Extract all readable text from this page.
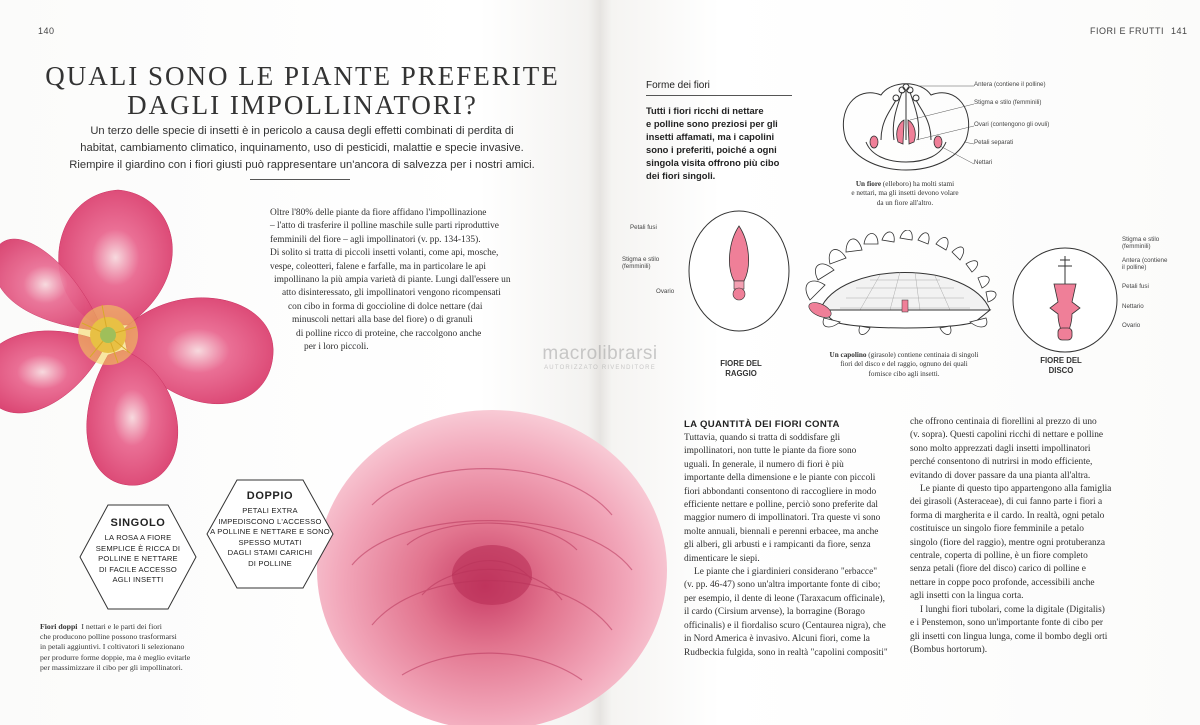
140
QUALI SONO LE PIANTE PREFERITE
DAGLI IMPOLLINATORI?
Un terzo delle specie di insetti è in pericolo a causa degli effetti combinati di perdita di
habitat, cambiamento climatico, inquinamento, uso di pesticidi, malattie e specie invasive.
Riempire il giardino con i fiori giusti può rappresentare un'ancora di salvezza per i nostri amici.
Oltre l'80% delle piante da fiore affidano l'impollinazione
– l'atto di trasferire il polline maschile sulle parti riproduttive
femminili del fiore – agli impollinatori (v. pp. 134-135).
Di solito si tratta di piccoli insetti volanti, come api, mosche,
vespe, coleotteri, falene e farfalle, ma in particolare le api
impollinano la più ampia varietà di piante. Lungi dall'essere un
atto disinteressato, gli impollinatori vengono ricompensati
con cibo in forma di goccioline di dolce nettare (dai
minuscoli nettari alla base del fiore) o di granuli
di polline ricco di proteine, che raccolgono anche
per i loro piccoli.
SINGOLO
LA ROSA A FIORE
SEMPLICE È RICCA DI
POLLINE E NETTARE
DI FACILE ACCESSO
AGLI INSETTI
DOPPIO
PETALI EXTRA
IMPEDISCONO L'ACCESSO
A POLLINE E NETTARE E SONO
SPESSO MUTATI
DAGLI STAMI CARICHI
DI POLLINE
Fiori doppi I nettari e le parti dei fiori
che producono polline possono trasformarsi
in petali aggiuntivi. I coltivatori li selezionano
per produrre forme doppie, ma è meglio evitarle
per massimizzare il cibo per gli impollinatori.
macrolibrarsi
AUTORIZZATO RIVENDITORE
FIORI E FRUTTI 141
Forme dei fiori
Tutti i fiori ricchi di nettare
e polline sono preziosi per gli
insetti affamati, ma i capolini
sono i preferiti, poiché a ogni
singola visita offrono più cibo
dei fiori singoli.
Antera (contiene il polline)
Stigma e stilo (femminili)
Ovari (contengono gli ovuli)
Petali separati
Nettari
Un fiore (elleboro) ha molti stami
e nettari, ma gli insetti devono volare
da un fiore all'altro.
Petali fusi
Stigma e stilo
(femminili)
Ovario
Un capolino (girasole) contiene centinaia di singoli
fiori del disco e del raggio, ognuno dei quali
fornisce cibo agli insetti.
Stigma e stilo
(femminili)
Antera (contiene
il polline)
Petali fusi
Nettario
Ovario
FIORE DEL
RAGGIO
FIORE DEL
DISCO
LA QUANTITÀ DEI FIORI CONTA
Tuttavia, quando si tratta di soddisfare gli
impollinatori, non tutte le piante da fiore sono
uguali. In generale, il numero di fiori è più
importante della dimensione e le piante con piccoli
fiori abbondanti consentono di raccogliere in modo
efficiente nettare e polline, perciò sono preferite dal
maggior numero di impollinatori. Tra queste vi sono
molte annuali, biennali e perenni erbacee, ma anche
gli alberi, gli arbusti e i rampicanti da fiore, senza
dimenticare le siepi.
Le piante che i giardinieri considerano "erbacce"
(v. pp. 46-47) sono un'altra importante fonte di cibo;
per esempio, il dente di leone (Taraxacum officinale),
il cardo (Cirsium arvense), la borragine (Borago
officinalis) e il fiordaliso scuro (Centaurea nigra), che
in Nord America è invasivo. Alcuni fiori, come la
Rudbeckia fulgida, sono in realtà "capolini compositi"
che offrono centinaia di fiorellini al prezzo di uno
(v. sopra). Questi capolini ricchi di nettare e polline
sono molto apprezzati dagli insetti impollinatori
perché consentono di nutrirsi in modo efficiente,
evitando di dover passare da una pianta all'altra.
Le piante di questo tipo appartengono alla famiglia
dei girasoli (Asteraceae), di cui fanno parte i fiori a
forma di margherita e il cardo. In realtà, ogni petalo
costituisce un singolo fiore femminile a petalo
singolo (fiore del raggio), mentre ogni protuberanza
centrale, coperta di polline, è un fiore completo
senza petali (fiore del disco) carico di polline e
nettare in coppe poco profonde, accessibili anche
agli insetti con la lingua corta.
I lunghi fiori tubolari, come la digitale (Digitalis)
e i Penstemon, sono un'importante fonte di cibo per
gli insetti con lingua lunga, come il bombo degli orti
(Bombus hortorum).
